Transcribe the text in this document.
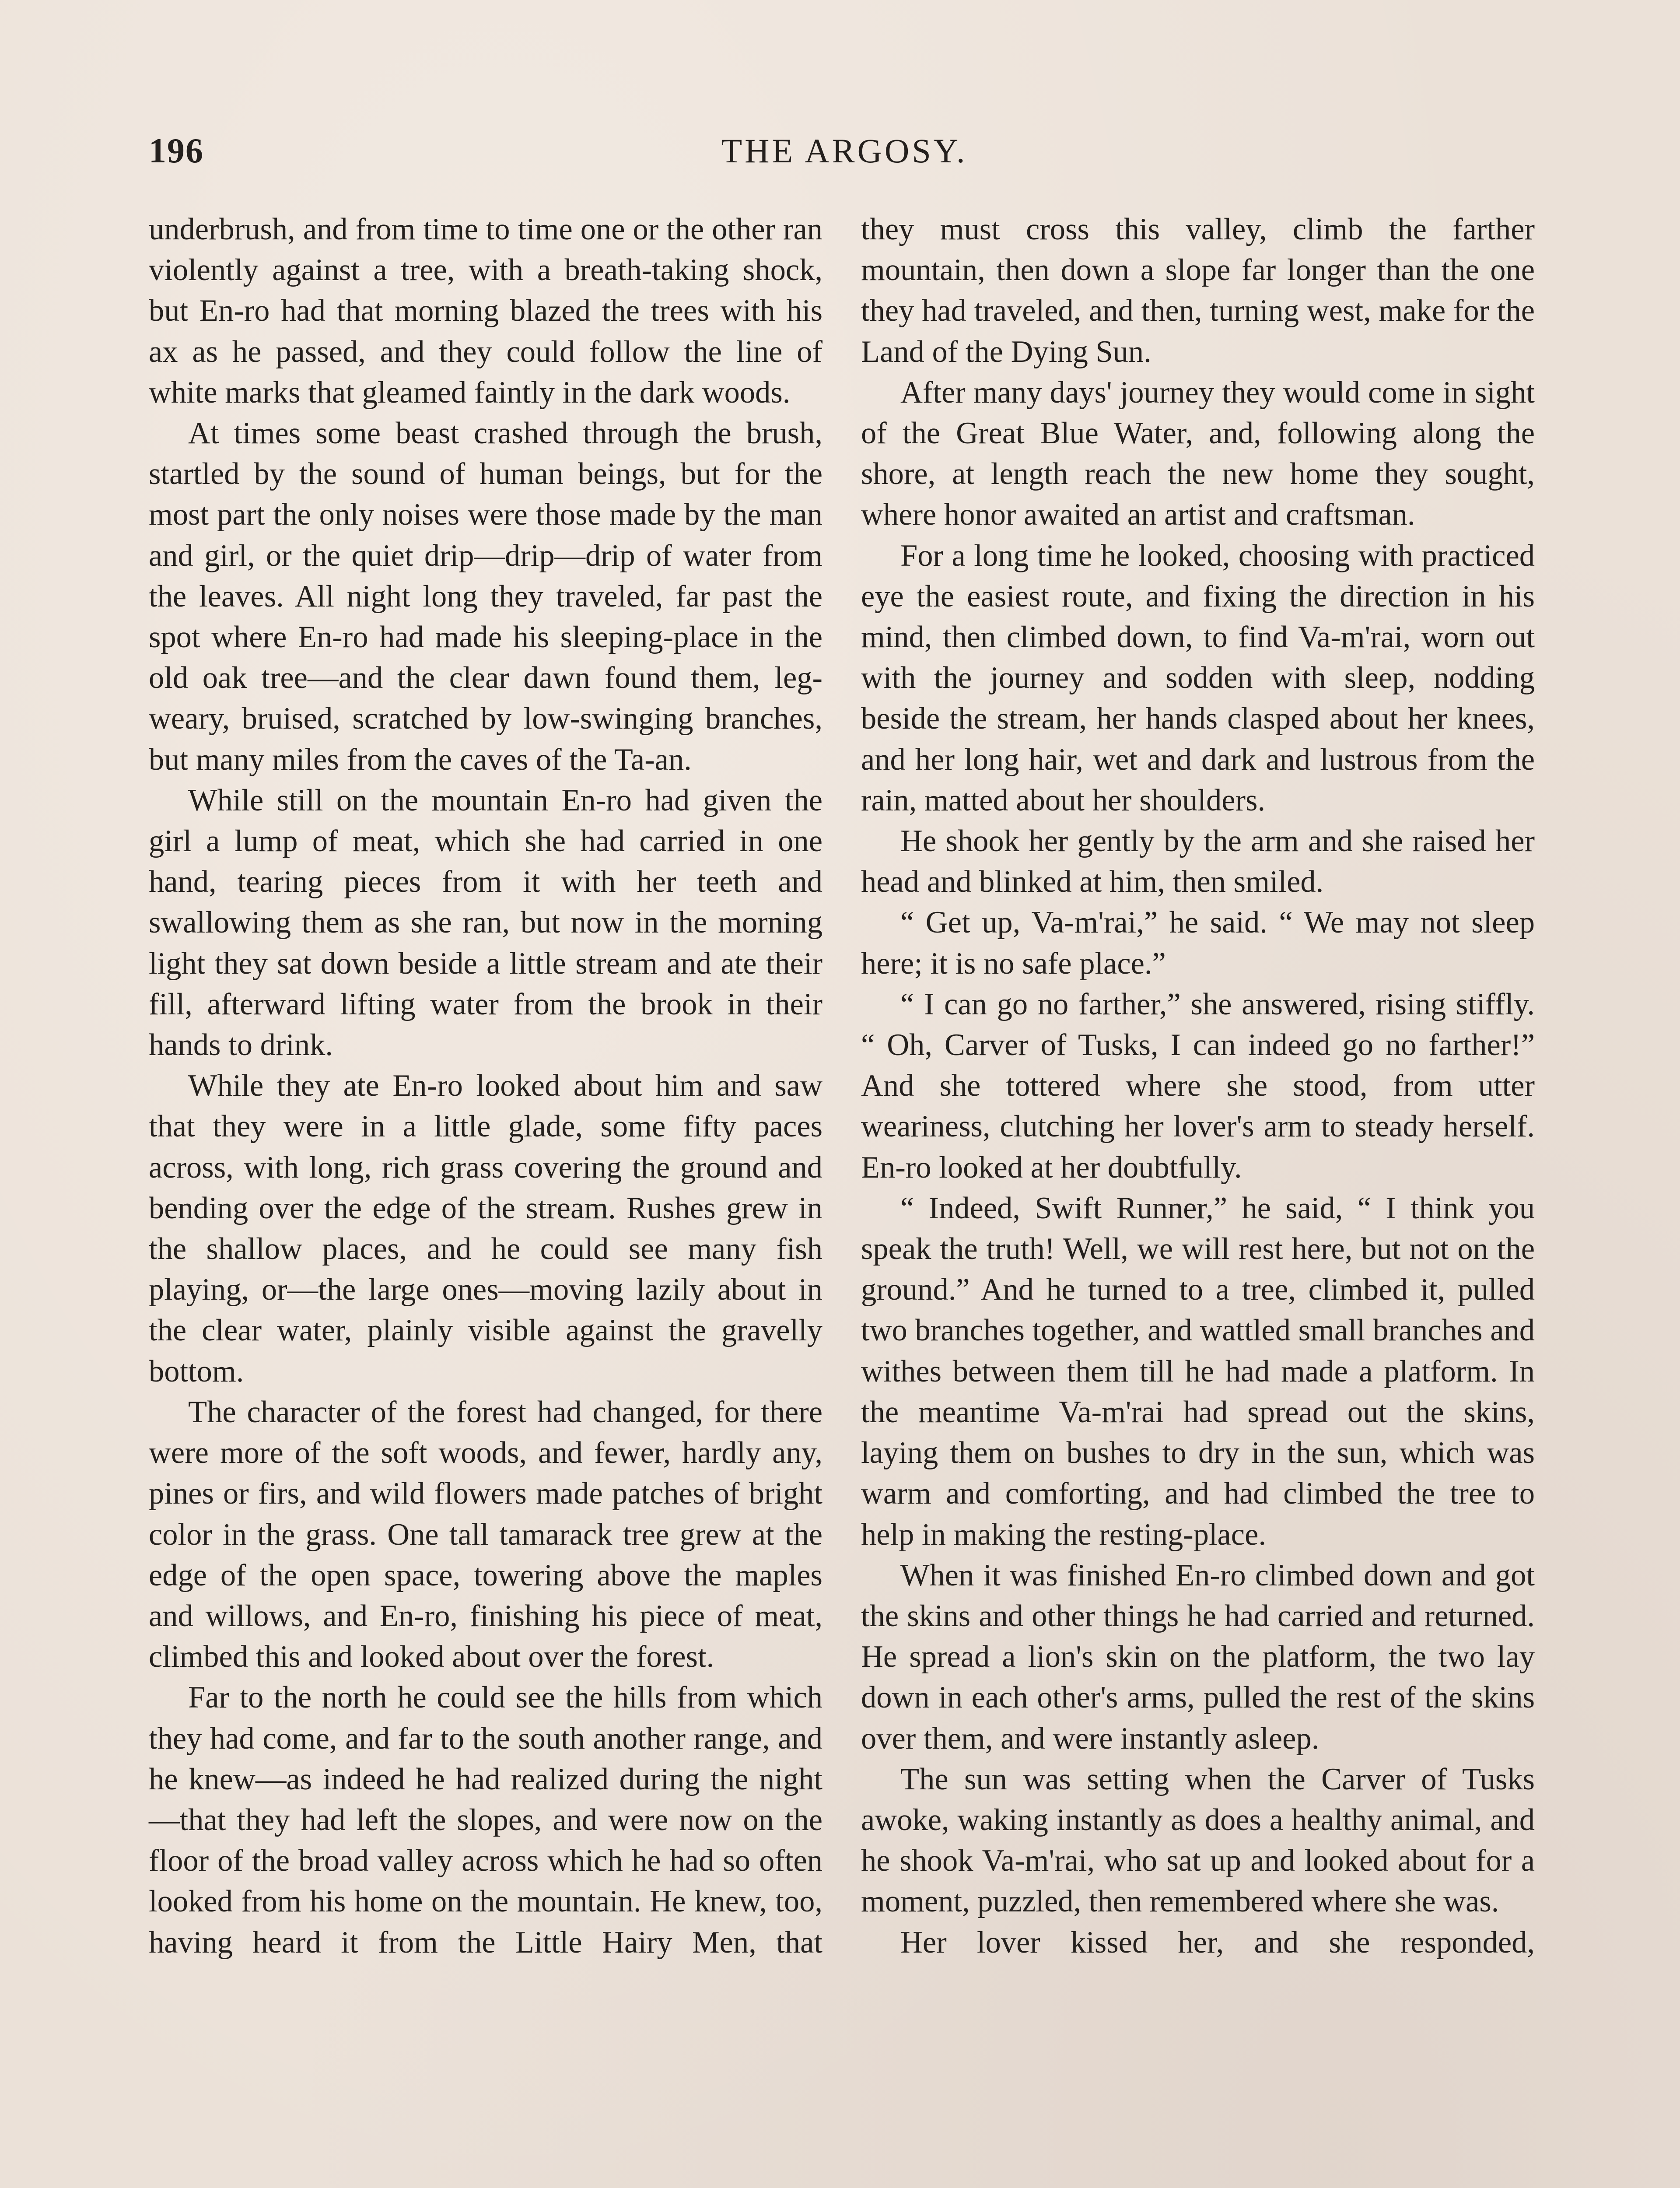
196	THE ARGOSY.

underbrush, and from time to time one or the other ran violently against a tree, with a breath-taking shock, but En-ro had that morning blazed the trees with his ax as he passed, and they could follow the line of white marks that gleamed faintly in the dark woods.

At times some beast crashed through the brush, startled by the sound of human beings, but for the most part the only noises were those made by the man and girl, or the quiet drip—drip—drip of water from the leaves. All night long they traveled, far past the spot where En-ro had made his sleeping-place in the old oak tree—and the clear dawn found them, leg-weary, bruised, scratched by low-swinging branches, but many miles from the caves of the Ta-an.

While still on the mountain En-ro had given the girl a lump of meat, which she had carried in one hand, tearing pieces from it with her teeth and swallowing them as she ran, but now in the morning light they sat down beside a little stream and ate their fill, afterward lifting water from the brook in their hands to drink.

While they ate En-ro looked about him and saw that they were in a little glade, some fifty paces across, with long, rich grass covering the ground and bending over the edge of the stream. Rushes grew in the shallow places, and he could see many fish playing, or—the large ones—moving lazily about in the clear water, plainly visible against the gravelly bottom.

The character of the forest had changed, for there were more of the soft woods, and fewer, hardly any, pines or firs, and wild flowers made patches of bright color in the grass. One tall tamarack tree grew at the edge of the open space, towering above the maples and willows, and En-ro, finishing his piece of meat, climbed this and looked about over the forest.

Far to the north he could see the hills from which they had come, and far to the south another range, and he knew—as indeed he had realized during the night—that they had left the slopes, and were now on the floor of the broad valley across which he had so often looked from his home on the mountain. He knew, too, having heard it from the Little Hairy Men, that

they must cross this valley, climb the farther mountain, then down a slope far longer than the one they had traveled, and then, turning west, make for the Land of the Dying Sun.

After many days' journey they would come in sight of the Great Blue Water, and, following along the shore, at length reach the new home they sought, where honor awaited an artist and craftsman.

For a long time he looked, choosing with practiced eye the easiest route, and fixing the direction in his mind, then climbed down, to find Va-m'rai, worn out with the journey and sodden with sleep, nodding beside the stream, her hands clasped about her knees, and her long hair, wet and dark and lustrous from the rain, matted about her shoulders.

He shook her gently by the arm and she raised her head and blinked at him, then smiled.

“ Get up, Va-m'rai,” he said. “ We may not sleep here; it is no safe place.”

“ I can go no farther,” she answered, rising stiffly. “ Oh, Carver of Tusks, I can indeed go no farther!” And she tottered where she stood, from utter weariness, clutching her lover's arm to steady herself. En-ro looked at her doubtfully.

“ Indeed, Swift Runner,” he said, “ I think you speak the truth! Well, we will rest here, but not on the ground.” And he turned to a tree, climbed it, pulled two branches together, and wattled small branches and withes between them till he had made a platform. In the meantime Va-m'rai had spread out the skins, laying them on bushes to dry in the sun, which was warm and comforting, and had climbed the tree to help in making the resting-place.

When it was finished En-ro climbed down and got the skins and other things he had carried and returned. He spread a lion's skin on the platform, the two lay down in each other's arms, pulled the rest of the skins over them, and were instantly asleep.

The sun was setting when the Carver of Tusks awoke, waking instantly as does a healthy animal, and he shook Va-m'rai, who sat up and looked about for a moment, puzzled, then remembered where she was.

Her lover kissed her, and she responded,
